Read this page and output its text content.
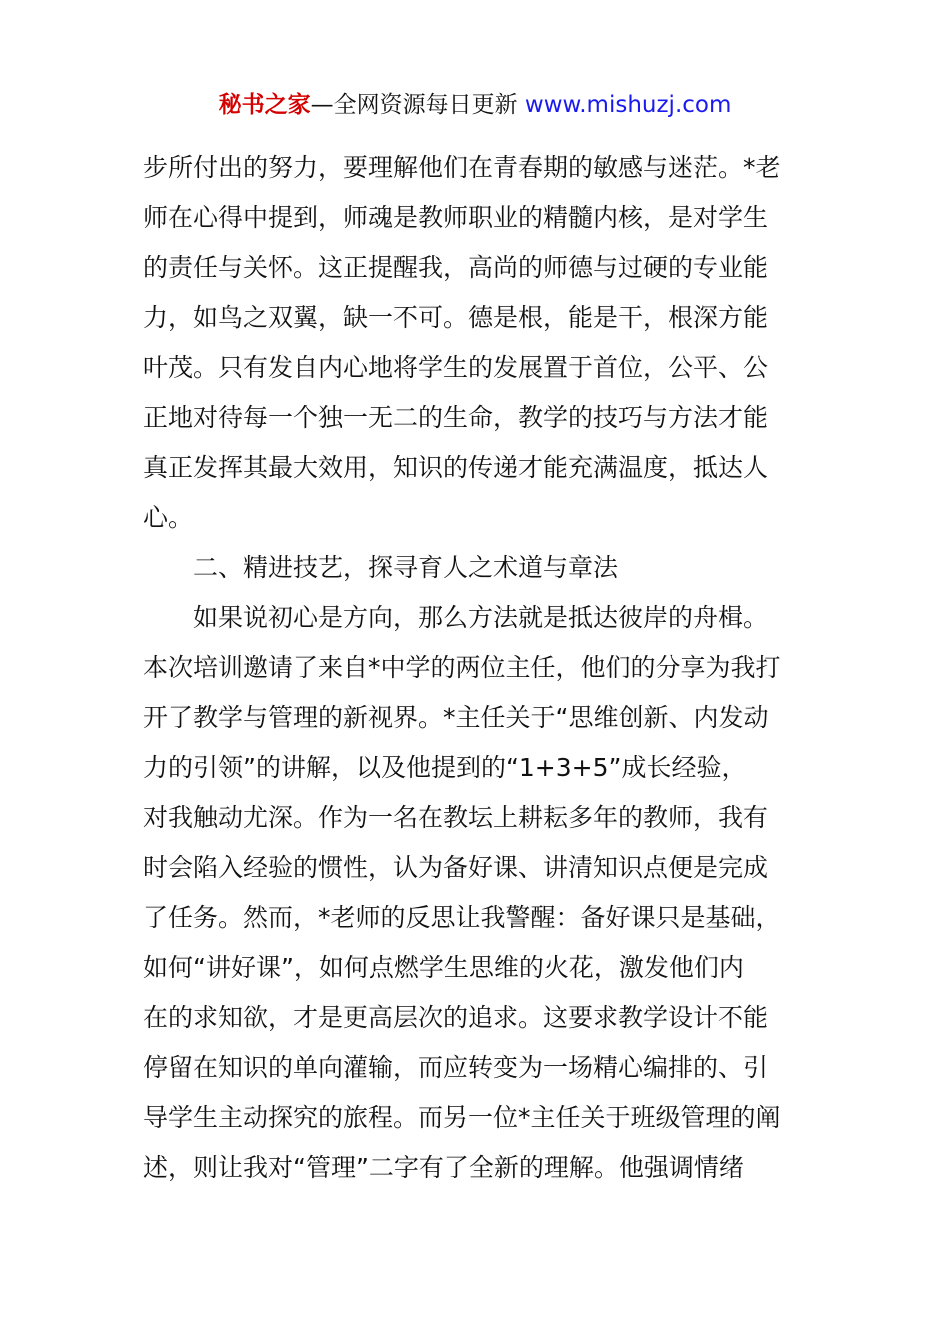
秘书之家—全网资源每日更新 www.mishuzj.com
步所付出的努力，要理解他们在青春期的敏感与迷茫。*老
师在心得中提到，师魂是教师职业的精髓内核，是对学生
的责任与关怀。这正提醒我，高尚的师德与过硬的专业能
力，如鸟之双翼，缺一不可。德是根，能是干，根深方能
叶茂。只有发自内心地将学生的发展置于首位，公平、公
正地对待每一个独一无二的生命，教学的技巧与方法才能
真正发挥其最大效用，知识的传递才能充满温度，抵达人
心。
二、精进技艺，探寻育人之术道与章法
如果说初心是方向，那么方法就是抵达彼岸的舟楫。
本次培训邀请了来自*中学的两位主任，他们的分享为我打
开了教学与管理的新视界。*主任关于“思维创新、内发动
力的引领”的讲解，以及他提到的“1+3+5”成长经验，
对我触动尤深。作为一名在教坛上耕耘多年的教师，我有
时会陷入经验的惯性，认为备好课、讲清知识点便是完成
了任务。然而，*老师的反思让我警醒：备好课只是基础，
如何“讲好课”，如何点燃学生思维的火花，激发他们内
在的求知欲，才是更高层次的追求。这要求教学设计不能
停留在知识的单向灌输，而应转变为一场精心编排的、引
导学生主动探究的旅程。而另一位*主任关于班级管理的阐
述，则让我对“管理”二字有了全新的理解。他强调情绪
